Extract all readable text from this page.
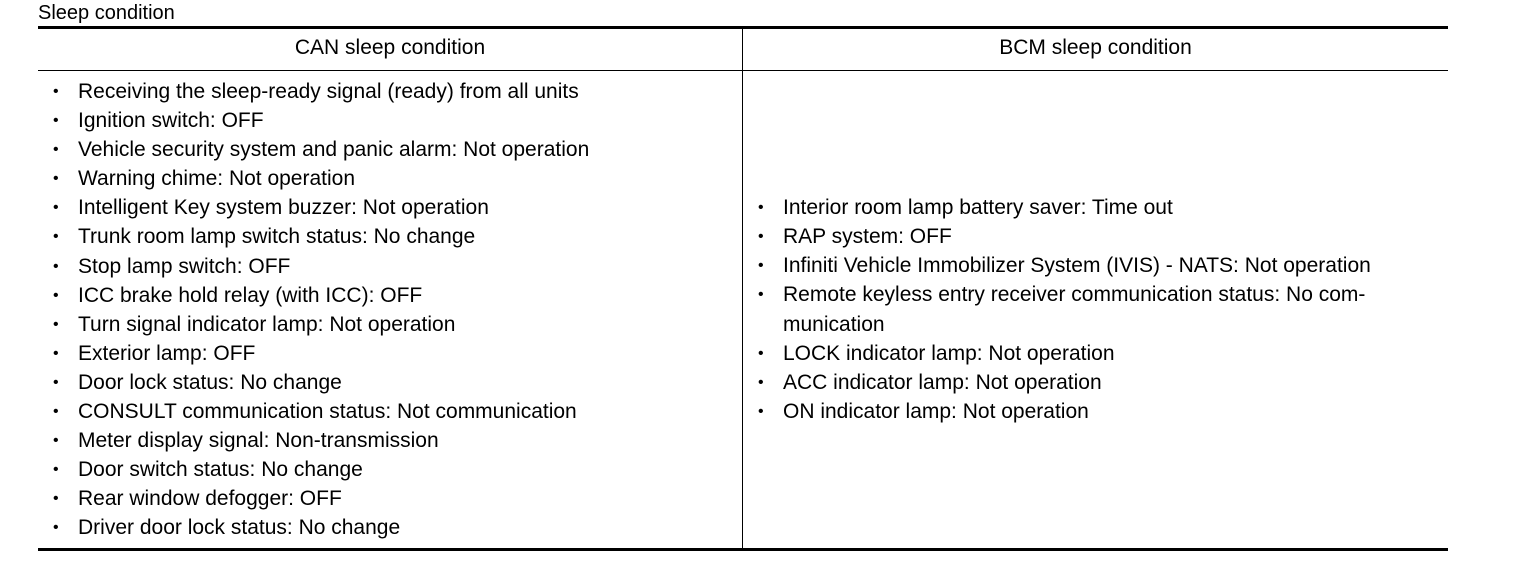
Sleep condition
CAN sleep condition	BCM sleep condition
• Receiving the sleep-ready signal (ready) from all units
• Ignition switch: OFF
• Vehicle security system and panic alarm: Not operation
• Warning chime: Not operation
• Intelligent Key system buzzer: Not operation
• Trunk room lamp switch status: No change
• Stop lamp switch: OFF
• ICC brake hold relay (with ICC): OFF
• Turn signal indicator lamp: Not operation
• Exterior lamp: OFF
• Door lock status: No change
• CONSULT communication status: Not communication
• Meter display signal: Non-transmission
• Door switch status: No change
• Rear window defogger: OFF
• Driver door lock status: No change
• Interior room lamp battery saver: Time out
• RAP system: OFF
• Infiniti Vehicle Immobilizer System (IVIS) - NATS: Not operation
• Remote keyless entry receiver communication status: No com-munication
• LOCK indicator lamp: Not operation
• ACC indicator lamp: Not operation
• ON indicator lamp: Not operation
